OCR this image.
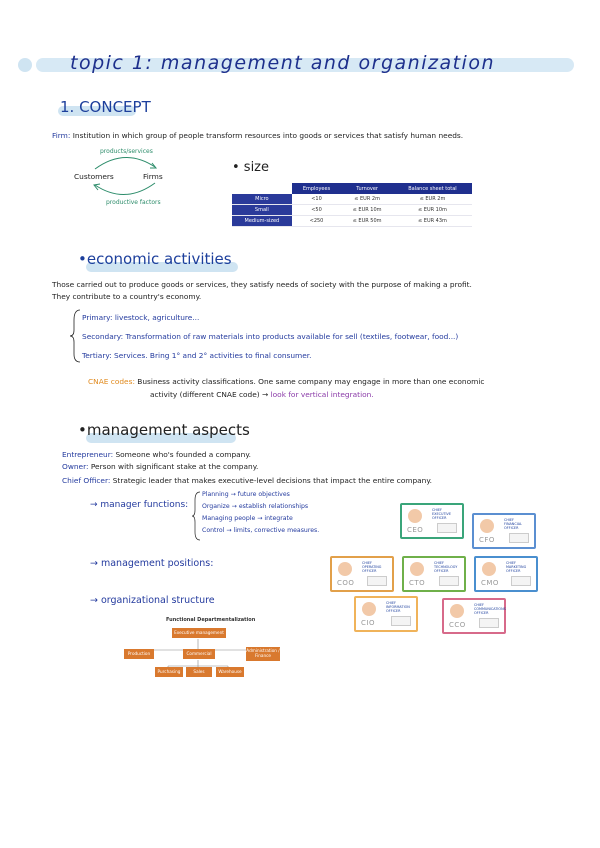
topic 1: management and organization
1. CONCEPT
Firm: Institution in which group of people transform resources into goods or services that satisfy human needs.
products/services
Customers	Firms
productive factors
• size
	Employees	Turnover	Balance sheet total
Micro	<10	≤ EUR 2m	≤ EUR 2m
Small	<50	≤ EUR 10m	≤ EUR 10m
Medium-sized	<250	≤ EUR 50m	≤ EUR 43m
•economic activities
Those carried out to produce goods or services, they satisfy needs of society with the purpose of making a profit.
They contribute to a country's economy.
Primary: livestock, agriculture...
Secondary: Transformation of raw materials into products available for sell (textiles, footwear, food...)
Tertiary: Services. Bring 1° and 2° activities to final consumer.
CNAE codes: Business activity classifications. One same company may engage in more than one economic
activity (different CNAE code) → look for vertical integration.
•management aspects
Entrepreneur: Someone who's founded a company.
Owner: Person with significant stake at the company.
Chief Officer: Strategic leader that makes executive-level decisions that impact the entire company.
→ manager functions:
Planning → future objectives
Organize → establish relationships
Managing people → integrate
Control → limits, corrective measures.
→ management positions:
→ organizational structure
Functional Departmentalization
Executive management
Production	Commercial	Administration / Finance
Purchasing	Sales	Warehouse
CHIEF EXECUTIVE OFFICER
CEO
CHIEF FINANCIAL OFFICER
CFO
CHIEF OPERATING OFFICER
COO
CHIEF TECHNOLOGY OFFICER
CTO
CHIEF MARKETING OFFICER
CMO
CHIEF INFORMATION OFFICER
CIO
CHIEF COMMUNICATIONS OFFICER
CCO
